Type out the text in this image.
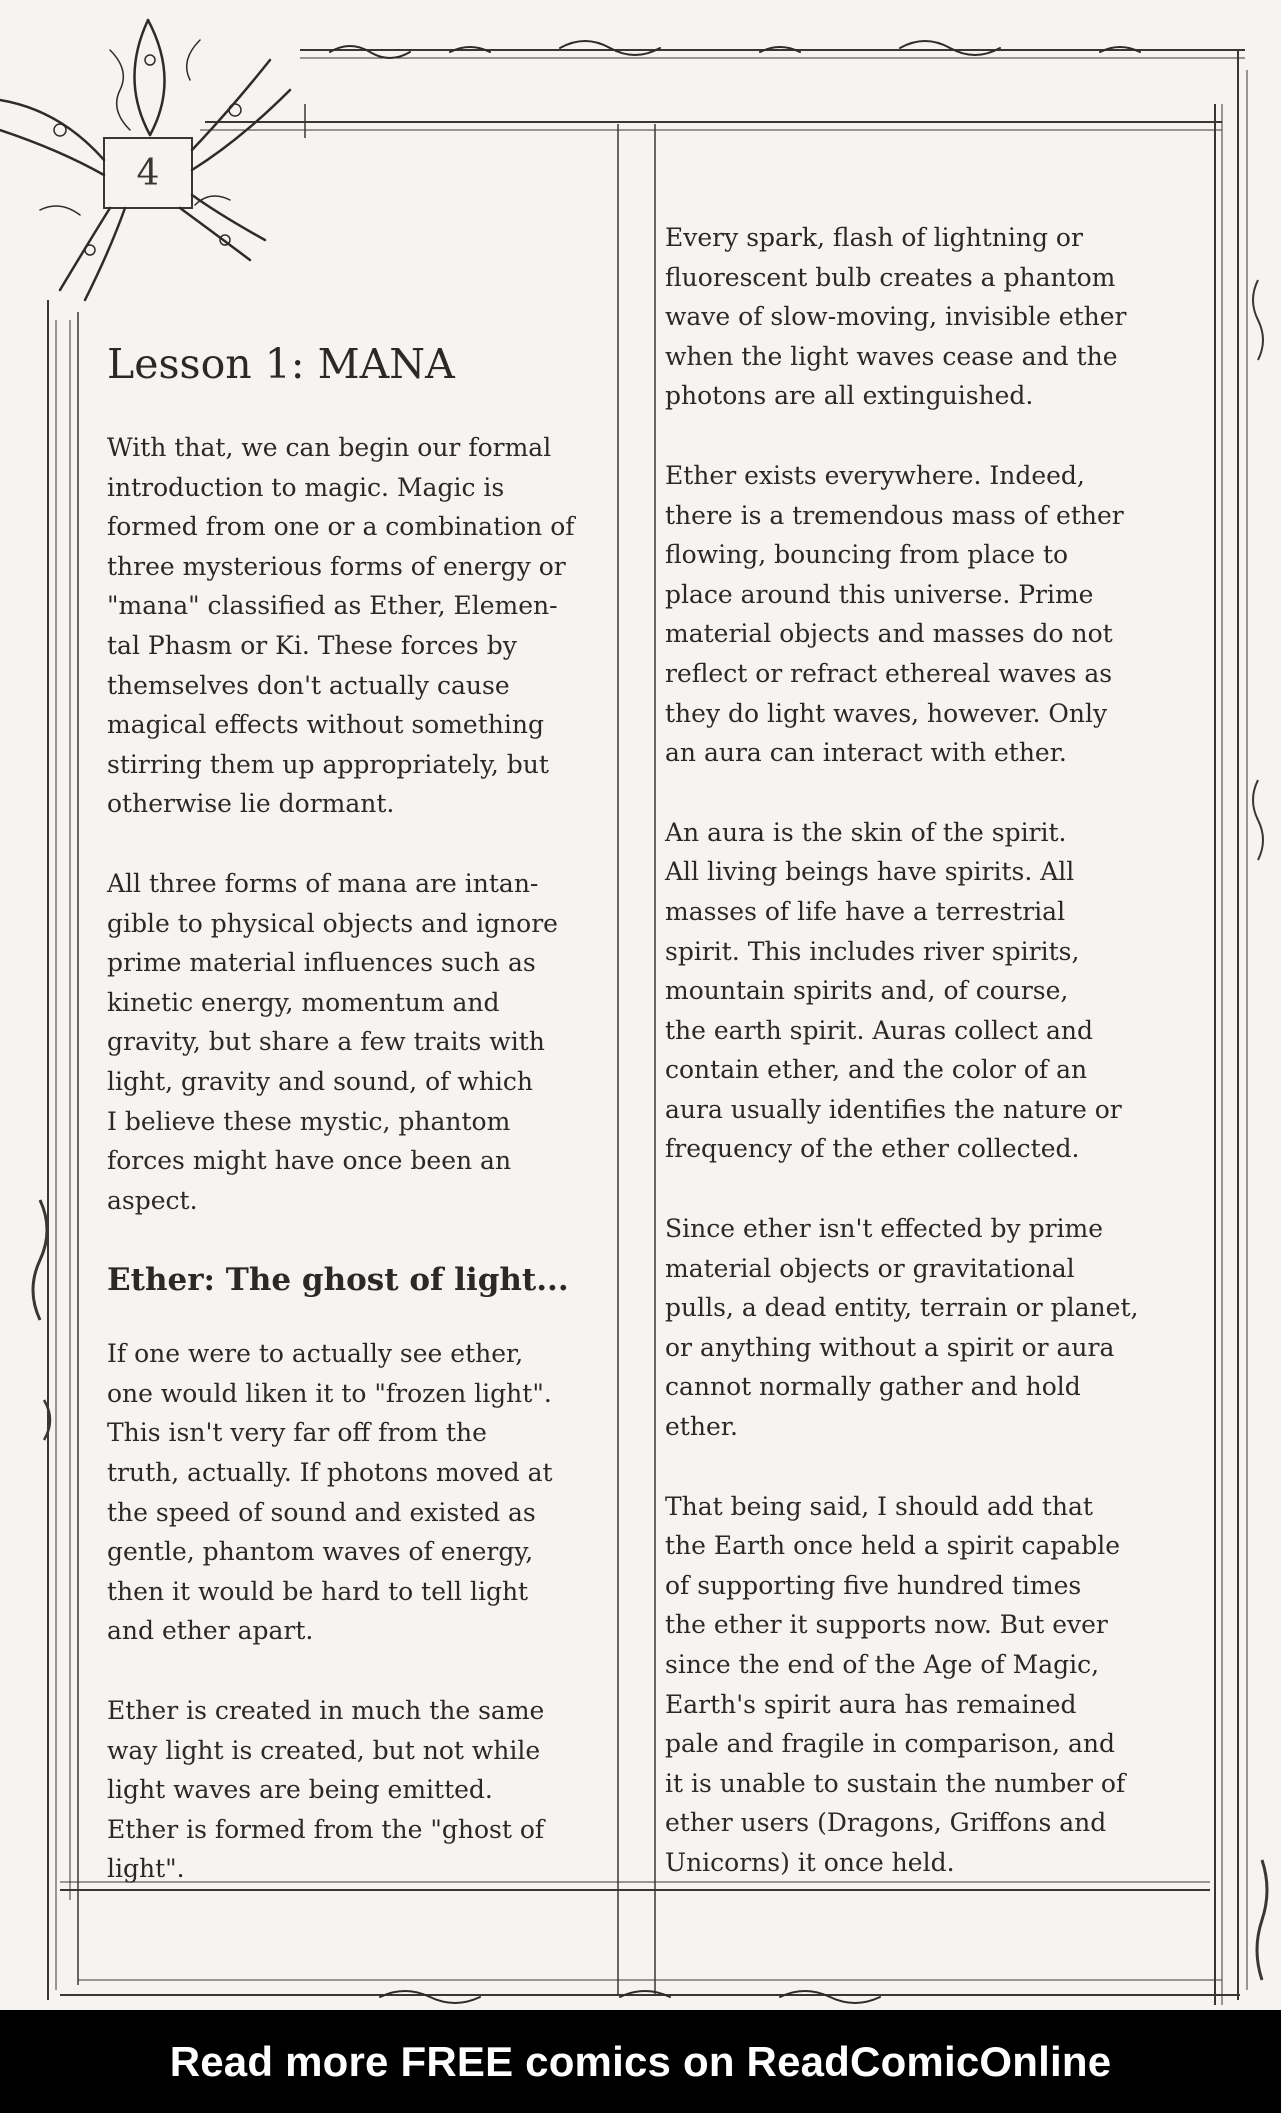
4
Lesson 1: MANA

With that, we can begin our formal
introduction to magic. Magic is
formed from one or a combination of
three mysterious forms of energy or
"mana" classified as Ether, Elemen-
tal Phasm or Ki. These forces by
themselves don't actually cause
magical effects without something
stirring them up appropriately, but
otherwise lie dormant.

All three forms of mana are intan-
gible to physical objects and ignore
prime material influences such as
kinetic energy, momentum and
gravity, but share a few traits with
light, gravity and sound, of which
I believe these mystic, phantom
forces might have once been an
aspect.

Ether: The ghost of light...

If one were to actually see ether,
one would liken it to "frozen light".
This isn't very far off from the
truth, actually. If photons moved at
the speed of sound and existed as
gentle, phantom waves of energy,
then it would be hard to tell light
and ether apart.

Ether is created in much the same
way light is created, but not while
light waves are being emitted.
Ether is formed from the "ghost of
light".

Every spark, flash of lightning or
fluorescent bulb creates a phantom
wave of slow-moving, invisible ether
when the light waves cease and the
photons are all extinguished.

Ether exists everywhere. Indeed,
there is a tremendous mass of ether
flowing, bouncing from place to
place around this universe. Prime
material objects and masses do not
reflect or refract ethereal waves as
they do light waves, however. Only
an aura can interact with ether.

An aura is the skin of the spirit.
All living beings have spirits. All
masses of life have a terrestrial
spirit. This includes river spirits,
mountain spirits and, of course,
the earth spirit. Auras collect and
contain ether, and the color of an
aura usually identifies the nature or
frequency of the ether collected.

Since ether isn't effected by prime
material objects or gravitational
pulls, a dead entity, terrain or planet,
or anything without a spirit or aura
cannot normally gather and hold
ether.

That being said, I should add that
the Earth once held a spirit capable
of supporting five hundred times
the ether it supports now. But ever
since the end of the Age of Magic,
Earth's spirit aura has remained
pale and fragile in comparison, and
it is unable to sustain the number of
ether users (Dragons, Griffons and
Unicorns) it once held.

Read more FREE comics on ReadComicOnline
